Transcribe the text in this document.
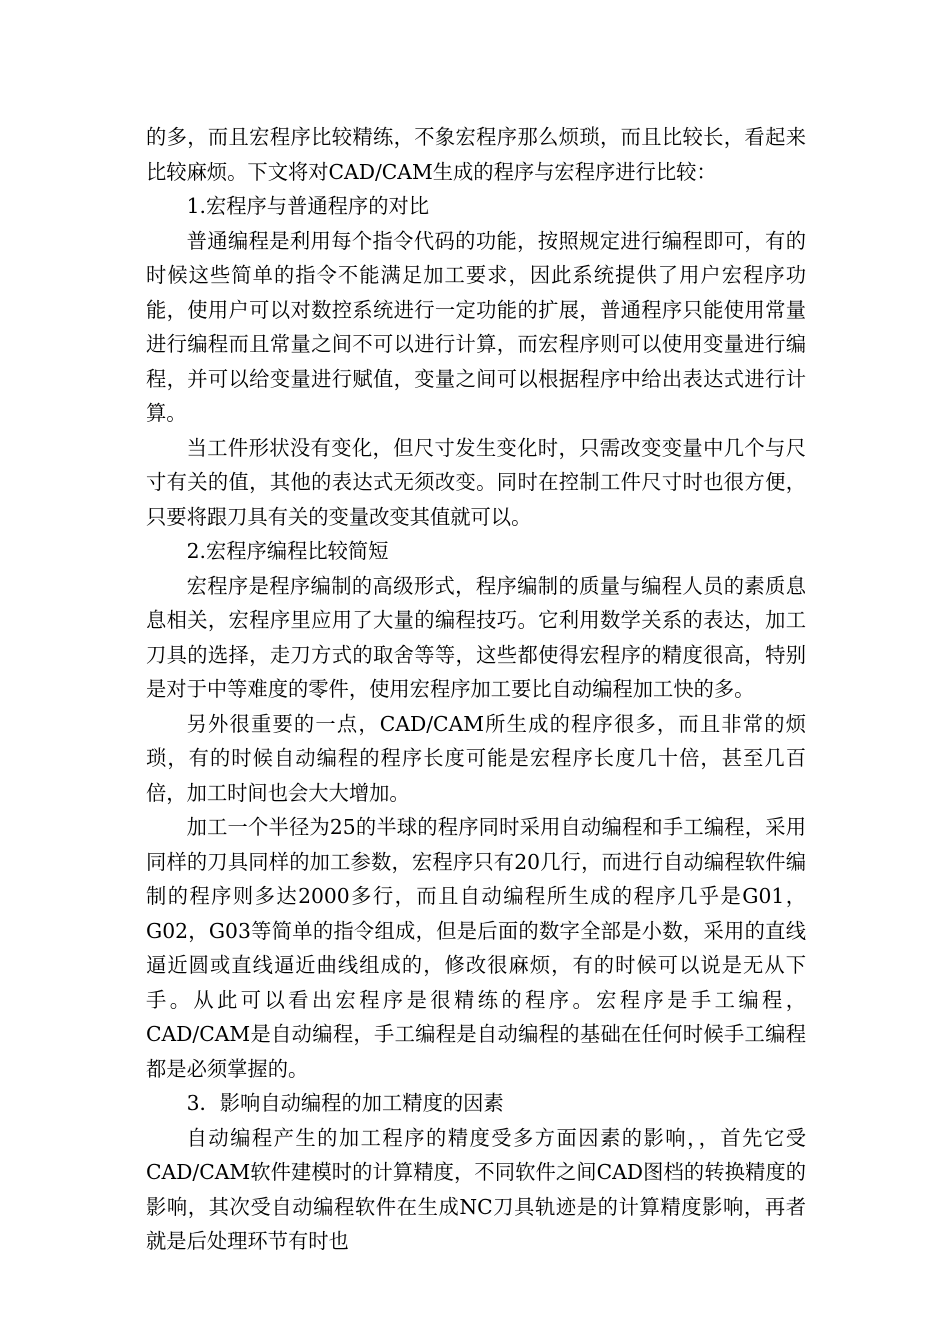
的多，而且宏程序比较精练，不象宏程序那么烦琐，而且比较长，看起来比较麻烦。下文将对CAD/CAM生成的程序与宏程序进行比较：

1.宏程序与普通程序的对比

普通编程是利用每个指令代码的功能，按照规定进行编程即可，有的时候这些简单的指令不能满足加工要求，因此系统提供了用户宏程序功能，使用户可以对数控系统进行一定功能的扩展，普通程序只能使用常量进行编程而且常量之间不可以进行计算，而宏程序则可以使用变量进行编程，并可以给变量进行赋值，变量之间可以根据程序中给出表达式进行计算。

当工件形状没有变化，但尺寸发生变化时，只需改变变量中几个与尺寸有关的值，其他的表达式无须改变。同时在控制工件尺寸时也很方便，只要将跟刀具有关的变量改变其值就可以。

2.宏程序编程比较简短

宏程序是程序编制的高级形式，程序编制的质量与编程人员的素质息息相关，宏程序里应用了大量的编程技巧。它利用数学关系的表达，加工刀具的选择，走刀方式的取舍等等，这些都使得宏程序的精度很高，特别是对于中等难度的零件，使用宏程序加工要比自动编程加工快的多。

另外很重要的一点，CAD/CAM所生成的程序很多，而且非常的烦琐，有的时候自动编程的程序长度可能是宏程序长度几十倍，甚至几百倍，加工时间也会大大增加。

加工一个半径为25的半球的程序同时采用自动编程和手工编程，采用同样的刀具同样的加工参数，宏程序只有20几行，而进行自动编程软件编制的程序则多达2000多行，而且自动编程所生成的程序几乎是G01，G02，G03等简单的指令组成，但是后面的数字全部是小数，采用的直线逼近圆或直线逼近曲线组成的，修改很麻烦，有的时候可以说是无从下手。从此可以看出宏程序是很精练的程序。宏程序是手工编程，CAD/CAM是自动编程，手工编程是自动编程的基础在任何时候手工编程都是必须掌握的。

3．影响自动编程的加工精度的因素

自动编程产生的加工程序的精度受多方面因素的影响，，首先它受CAD/CAM软件建模时的计算精度，不同软件之间CAD图档的转换精度的影响，其次受自动编程软件在生成NC刀具轨迹是的计算精度影响，再者就是后处理环节有时也
